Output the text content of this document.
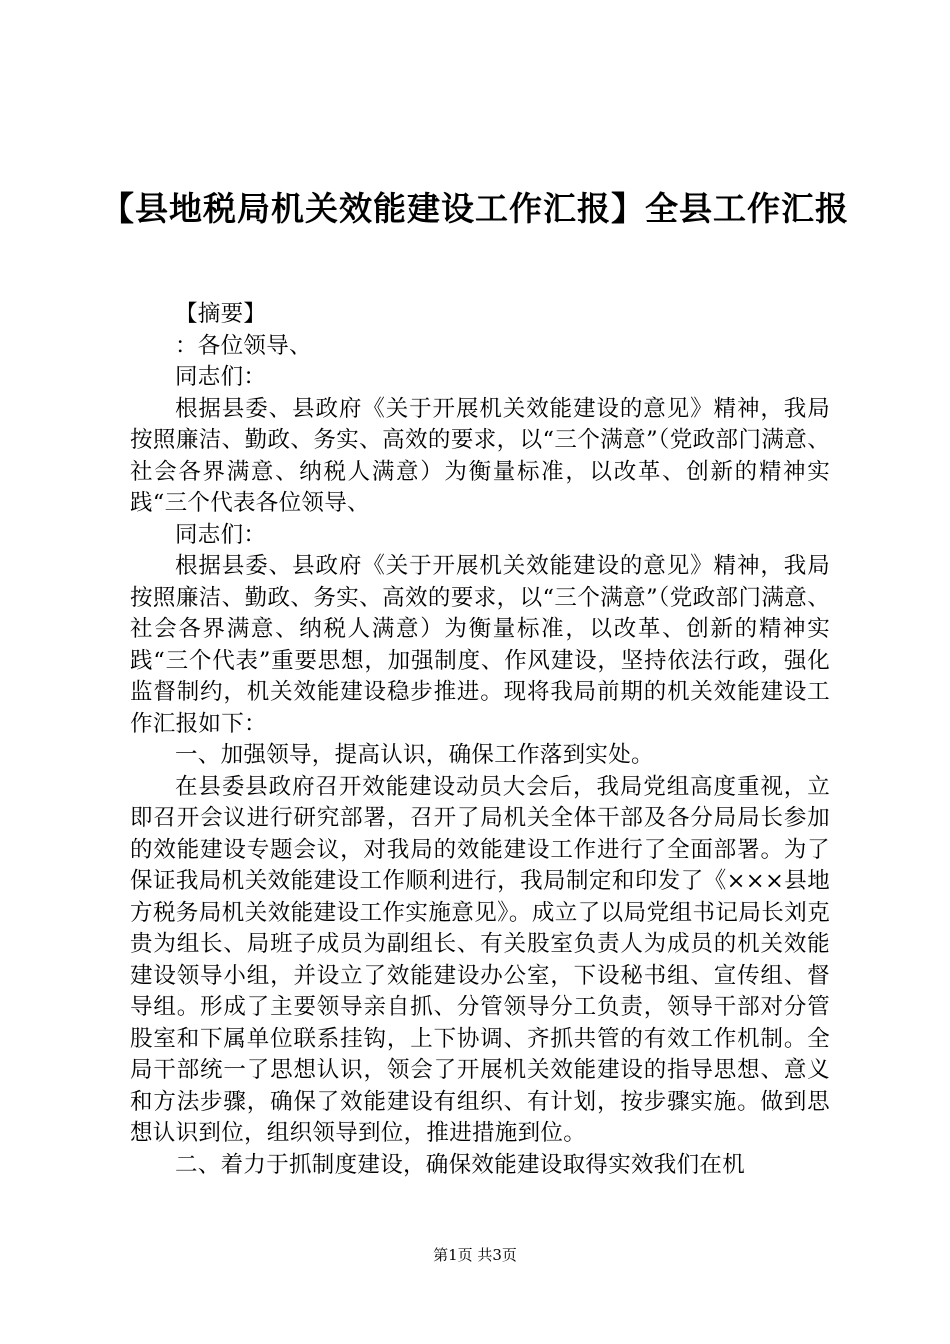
【县地税局机关效能建设工作汇报】全县工作汇报

【摘要】

：各位领导、

同志们：

根据县委、县政府《关于开展机关效能建设的意见》精神，我局按照廉洁、勤政、务实、高效的要求，以“三个满意”（党政部门满意、社会各界满意、纳税人满意）为衡量标准，以改革、创新的精神实践“三个代表各位领导、

同志们：

根据县委、县政府《关于开展机关效能建设的意见》精神，我局按照廉洁、勤政、务实、高效的要求，以“三个满意”（党政部门满意、社会各界满意、纳税人满意）为衡量标准，以改革、创新的精神实践“三个代表”重要思想，加强制度、作风建设，坚持依法行政，强化监督制约，机关效能建设稳步推进。现将我局前期的机关效能建设工作汇报如下：

一、加强领导，提高认识，确保工作落到实处。

在县委县政府召开效能建设动员大会后，我局党组高度重视，立即召开会议进行研究部署，召开了局机关全体干部及各分局局长参加的效能建设专题会议，对我局的效能建设工作进行了全面部署。为了保证我局机关效能建设工作顺利进行，我局制定和印发了《×××县地方税务局机关效能建设工作实施意见》。成立了以局党组书记局长刘克贵为组长、局班子成员为副组长、有关股室负责人为成员的机关效能建设领导小组，并设立了效能建设办公室，下设秘书组、宣传组、督导组。形成了主要领导亲自抓、分管领导分工负责，领导干部对分管股室和下属单位联系挂钩，上下协调、齐抓共管的有效工作机制。全局干部统一了思想认识，领会了开展机关效能建设的指导思想、意义和方法步骤，确保了效能建设有组织、有计划，按步骤实施。做到思想认识到位，组织领导到位，推进措施到位。

二、着力于抓制度建设，确保效能建设取得实效我们在机

第1页 共3页
